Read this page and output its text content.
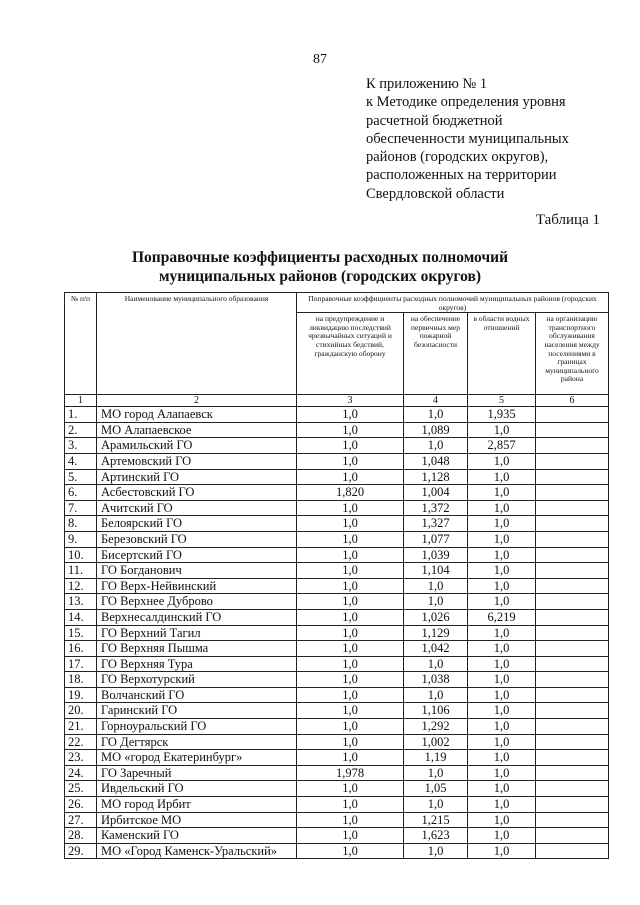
87
К приложению № 1
к Методике определения уровня
расчетной бюджетной
обеспеченности муниципальных
районов (городских округов),
расположенных на территории
Свердловской области
Таблица 1
Поправочные коэффициенты расходных полномочий
муниципальных районов (городских округов)
№ п/п	Наименование муниципального образования	Поправочные коэффициенты расходных полномочий муниципальных районов (городских округов)			
		на предупреждение и ликвидацию последствий чрезвычайных ситуаций и стихийных бедствий, гражданскую оборону	на обеспечение первичных мер пожарной безопасности	в области водных отношений	на организацию транспортного обслуживания населения между поселениями в границах муниципального района
1	2	3	4	5	6
1.	МО город Алапаевск	1,0	1,0	1,935	
2.	МО Алапаевское	1,0	1,089	1,0	
3.	Арамильский ГО	1,0	1,0	2,857	
4.	Артемовский ГО	1,0	1,048	1,0	
5.	Артинский ГО	1,0	1,128	1,0	
6.	Асбестовский ГО	1,820	1,004	1,0	
7.	Ачитский ГО	1,0	1,372	1,0	
8.	Белоярский ГО	1,0	1,327	1,0	
9.	Березовский ГО	1,0	1,077	1,0	
10.	Бисертский ГО	1,0	1,039	1,0	
11.	ГО Богданович	1,0	1,104	1,0	
12.	ГО Верх-Нейвинский	1,0	1,0	1,0	
13.	ГО Верхнее Дуброво	1,0	1,0	1,0	
14.	Верхнесалдинский ГО	1,0	1,026	6,219	
15.	ГО Верхний Тагил	1,0	1,129	1,0	
16.	ГО Верхняя Пышма	1,0	1,042	1,0	
17.	ГО Верхняя Тура	1,0	1,0	1,0	
18.	ГО Верхотурский	1,0	1,038	1,0	
19.	Волчанский ГО	1,0	1,0	1,0	
20.	Гаринский ГО	1,0	1,106	1,0	
21.	Горноуральский ГО	1,0	1,292	1,0	
22.	ГО Дегтярск	1,0	1,002	1,0	
23.	МО «город Екатеринбург»	1,0	1,19	1,0	
24.	ГО Заречный	1,978	1,0	1,0	
25.	Ивдельский ГО	1,0	1,05	1,0	
26.	МО город Ирбит	1,0	1,0	1,0	
27.	Ирбитское МО	1,0	1,215	1,0	
28.	Каменский ГО	1,0	1,623	1,0	
29.	МО «Город Каменск-Уральский»	1,0	1,0	1,0	
